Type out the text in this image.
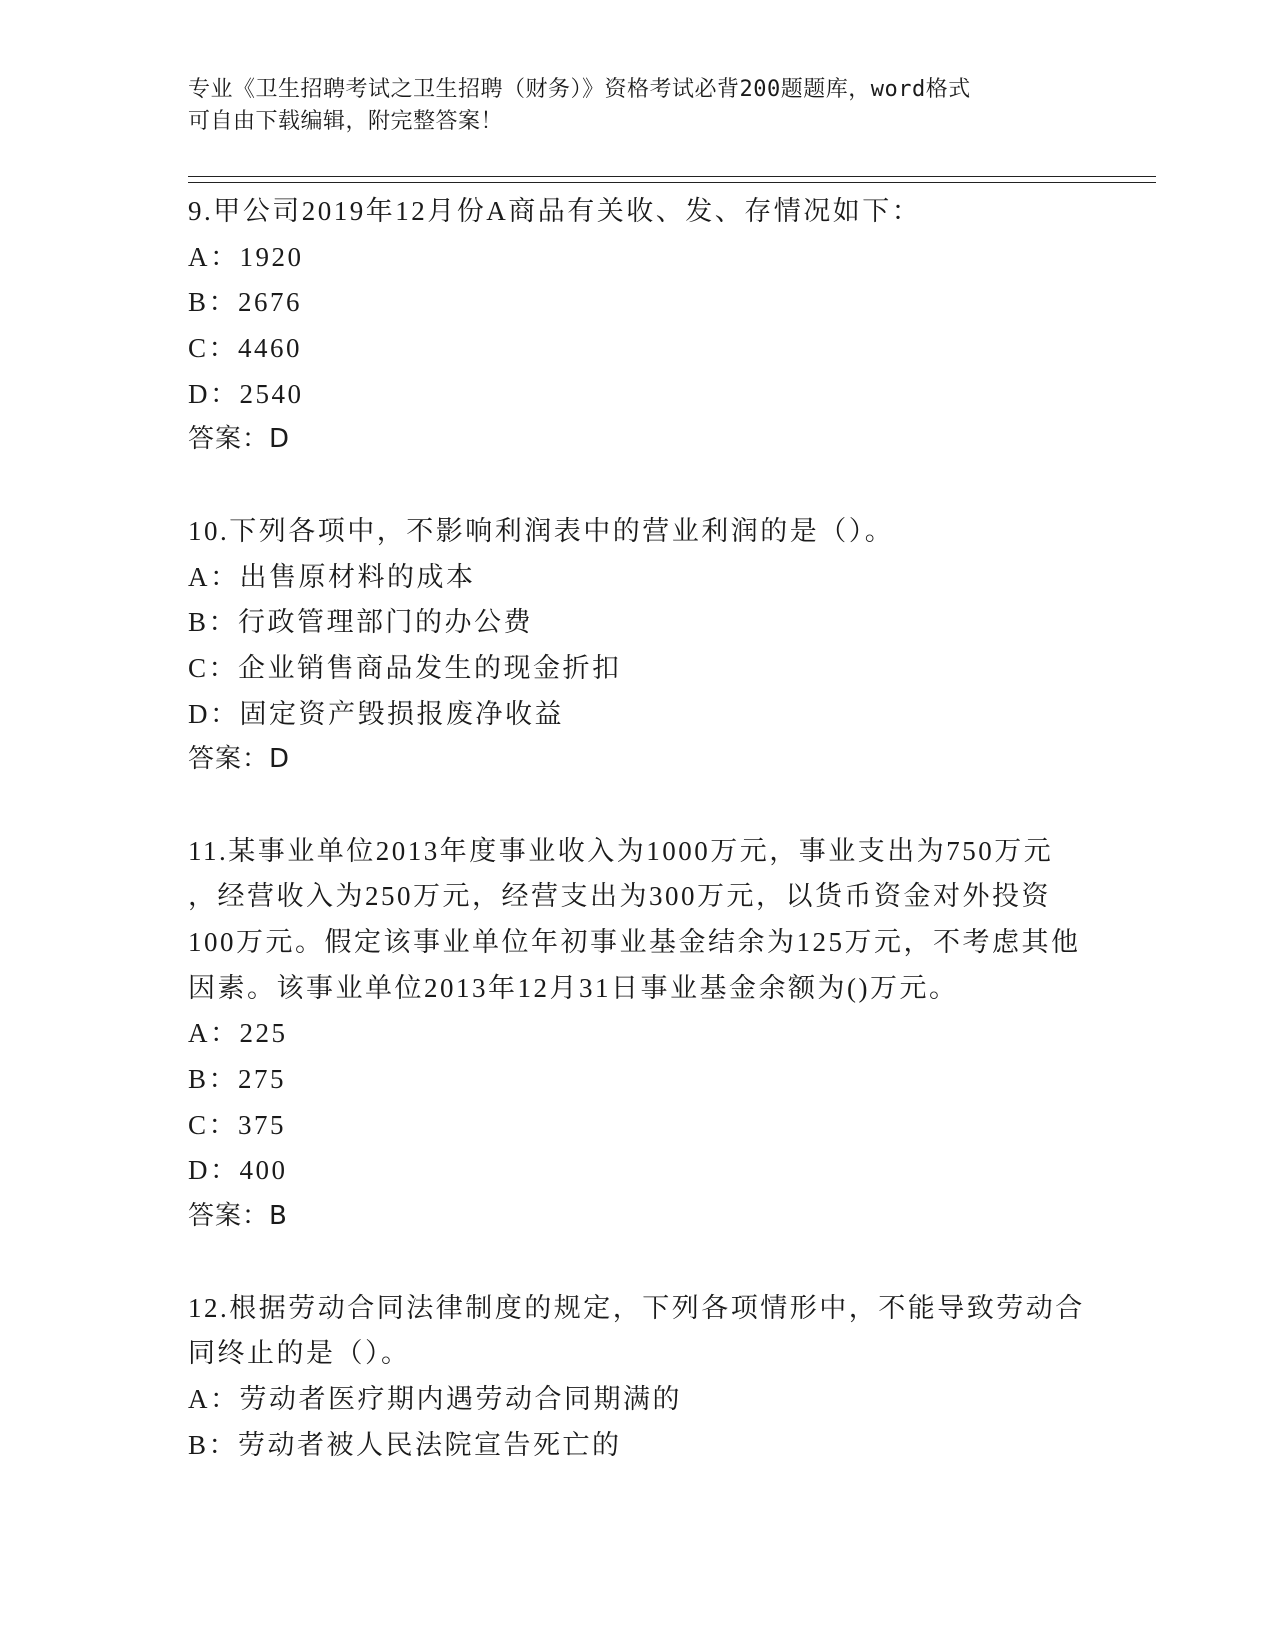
专业《卫生招聘考试之卫生招聘（财务）》资格考试必背200题题库，word格式
可自由下载编辑，附完整答案！
9.甲公司2019年12月份A商品有关收、发、存情况如下：
A：1920
B：2676
C：4460
D：2540
答案：D
10.下列各项中，不影响利润表中的营业利润的是（）。
A：出售原材料的成本
B：行政管理部门的办公费
C：企业销售商品发生的现金折扣
D：固定资产毁损报废净收益
答案：D
11.某事业单位2013年度事业收入为1000万元，事业支出为750万元
，经营收入为250万元，经营支出为300万元，以货币资金对外投资
100万元。假定该事业单位年初事业基金结余为125万元，不考虑其他
因素。该事业单位2013年12月31日事业基金余额为()万元。
A：225
B：275
C：375
D：400
答案：B
12.根据劳动合同法律制度的规定，下列各项情形中，不能导致劳动合
同终止的是（）。
A：劳动者医疗期内遇劳动合同期满的
B：劳动者被人民法院宣告死亡的
